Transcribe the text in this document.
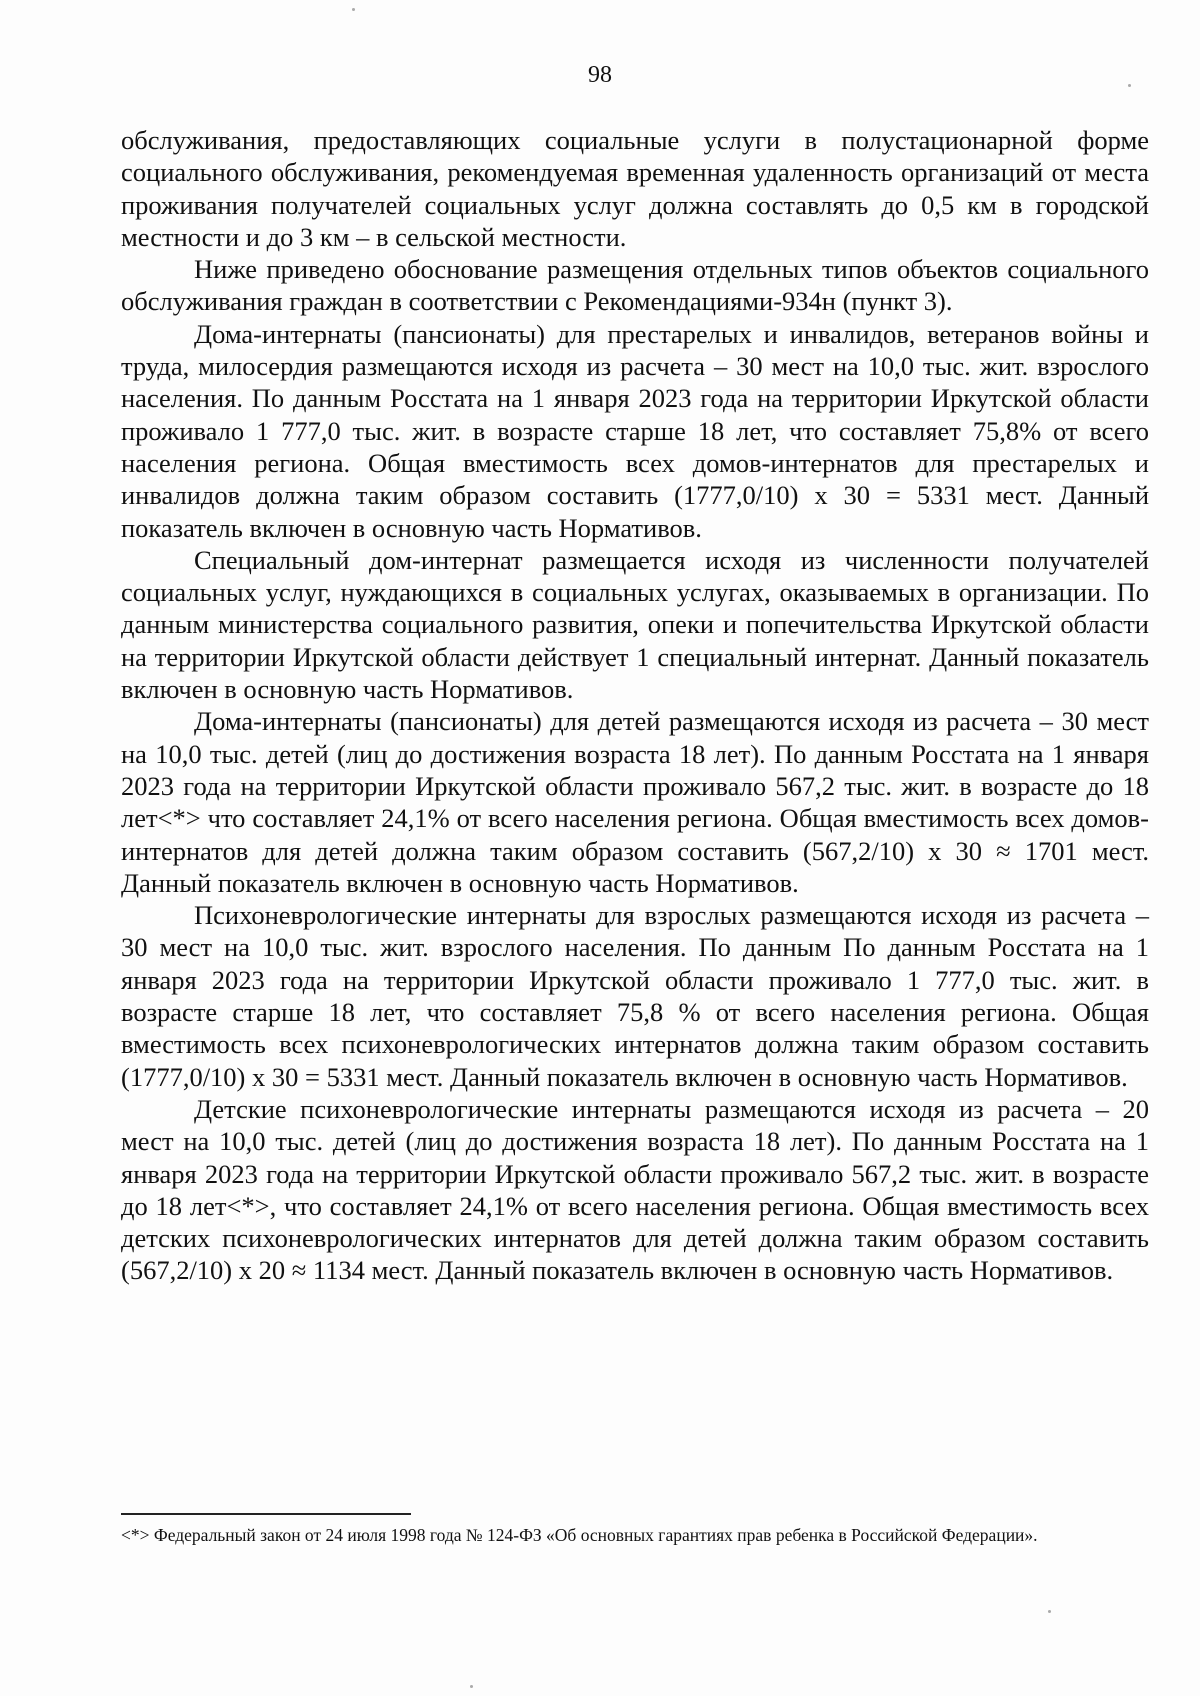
98

обслуживания, предоставляющих социальные услуги в полустационарной форме социального обслуживания, рекомендуемая временная удаленность организаций от места проживания получателей социальных услуг должна составлять до 0,5 км в городской местности и до 3 км – в сельской местности.

Ниже приведено обоснование размещения отдельных типов объектов социального обслуживания граждан в соответствии с Рекомендациями-934н (пункт 3).

Дома-интернаты (пансионаты) для престарелых и инвалидов, ветеранов войны и труда, милосердия размещаются исходя из расчета – 30 мест на 10,0 тыс. жит. взрослого населения. По данным Росстата на 1 января 2023 года на территории Иркутской области проживало 1 777,0 тыс. жит. в возрасте старше 18 лет, что составляет 75,8% от всего населения региона. Общая вместимость всех домов-интернатов для престарелых и инвалидов должна таким образом составить (1777,0/10) х 30 = 5331 мест. Данный показатель включен в основную часть Нормативов.

Специальный дом-интернат размещается исходя из численности получателей социальных услуг, нуждающихся в социальных услугах, оказываемых в организации. По данным министерства социального развития, опеки и попечительства Иркутской области на территории Иркутской области действует 1 специальный интернат. Данный показатель включен в основную часть Нормативов.

Дома-интернаты (пансионаты) для детей размещаются исходя из расчета – 30 мест на 10,0 тыс. детей (лиц до достижения возраста 18 лет). По данным Росстата на 1 января 2023 года на территории Иркутской области проживало 567,2 тыс. жит. в возрасте до 18 лет<*> что составляет 24,1% от всего населения региона. Общая вместимость всех домов-интернатов для детей должна таким образом составить (567,2/10) х 30 ≈ 1701 мест. Данный показатель включен в основную часть Нормативов.

Психоневрологические интернаты для взрослых размещаются исходя из расчета – 30 мест на 10,0 тыс. жит. взрослого населения. По данным По данным Росстата на 1 января 2023 года на территории Иркутской области проживало 1 777,0 тыс. жит. в возрасте старше 18 лет, что составляет 75,8 % от всего населения региона. Общая вместимость всех психоневрологических интернатов должна таким образом составить (1777,0/10) х 30 = 5331 мест. Данный показатель включен в основную часть Нормативов.

Детские психоневрологические интернаты размещаются исходя из расчета – 20 мест на 10,0 тыс. детей (лиц до достижения возраста 18 лет). По данным Росстата на 1 января 2023 года на территории Иркутской области проживало 567,2 тыс. жит. в возрасте до 18 лет<*>, что составляет 24,1% от всего населения региона. Общая вместимость всех детских психоневрологических интернатов для детей должна таким образом составить (567,2/10) х 20 ≈ 1134 мест. Данный показатель включен в основную часть Нормативов.

<*> Федеральный закон от 24 июля 1998 года № 124-ФЗ «Об основных гарантиях прав ребенка в Российской Федерации».
